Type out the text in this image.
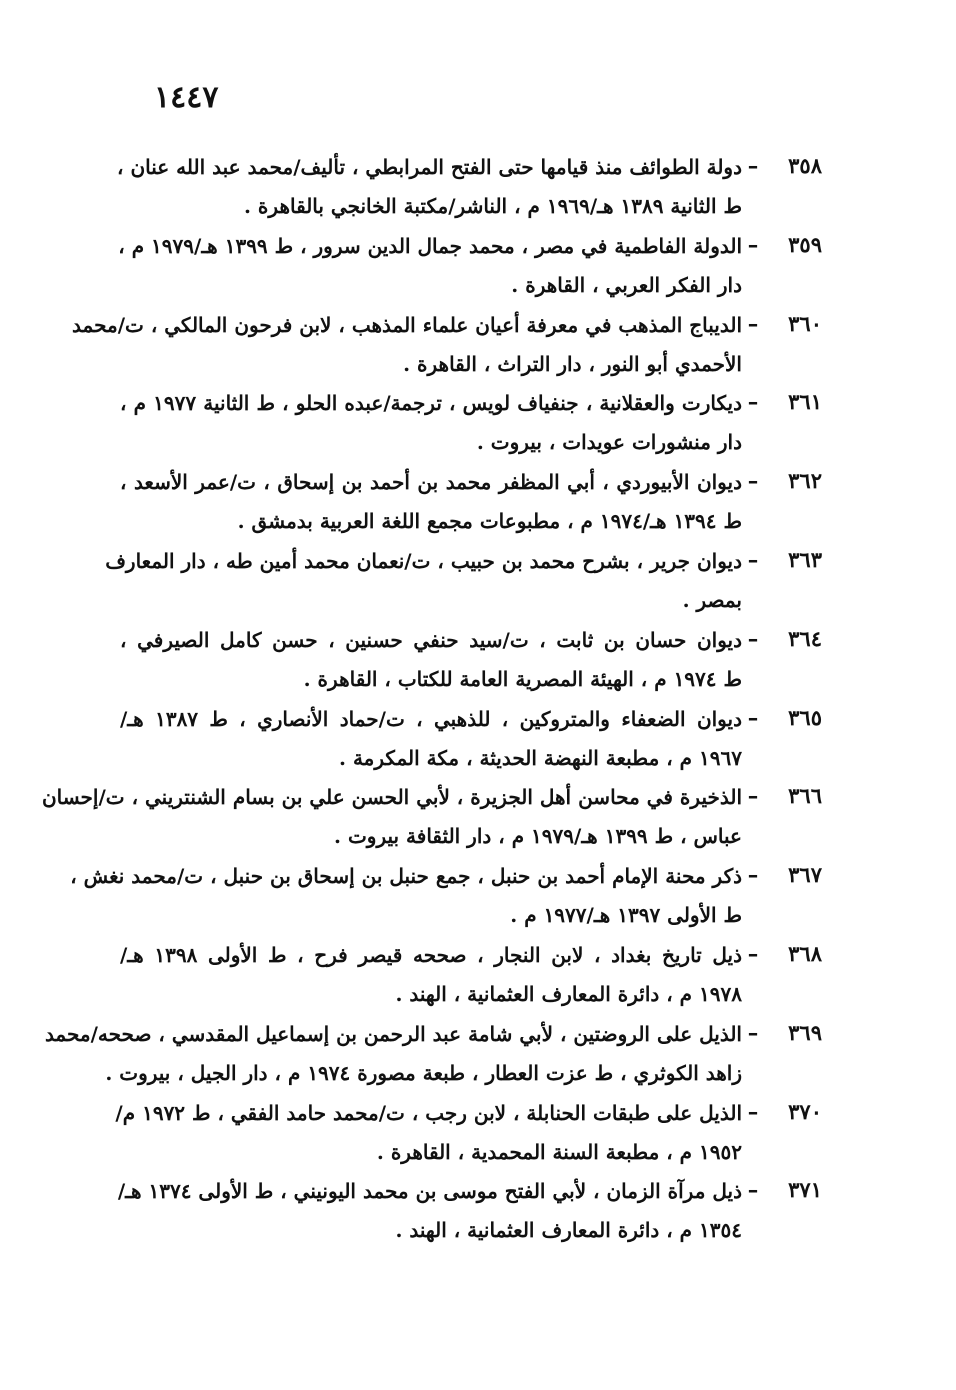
١٤٤٧
٣٥٨
–
دولة الطوائف منذ قيامها حتى الفتح المرابطي ، تأليف/محمد عبد الله عنان ،
ط الثانية ١٣٨٩ هـ/١٩٦٩ م ، الناشر/مكتبة الخانجي بالقاهرة .
٣٥٩
–
الدولة الفاطمية في مصر ، محمد جمال الدين سرور ، ط ١٣٩٩ هـ/١٩٧٩ م ،
دار الفكر العربي ، القاهرة .
٣٦٠
–
الديباج المذهب في معرفة أعيان علماء المذهب ، لابن فرحون المالكي ، ت/محمد
الأحمدي أبو النور ، دار التراث ، القاهرة .
٣٦١
–
ديكارت والعقلانية ، جنفياف لويس ، ترجمة/عبده الحلو ، ط الثانية ١٩٧٧ م ،
دار منشورات عويدات ، بيروت .
٣٦٢
–
ديوان الأبيوردي ، أبي المظفر محمد بن أحمد بن إسحاق ، ت/عمر الأسعد ،
ط ١٣٩٤ هـ/١٩٧٤ م ، مطبوعات مجمع اللغة العربية بدمشق .
٣٦٣
–
ديوان جرير ، بشرح محمد بن حبيب ، ت/نعمان محمد أمين طه ، دار المعارف
بمصر .
٣٦٤
–
ديوان حسان بن ثابت ، ت/سيد حنفي حسنين ، حسن كامل الصيرفي ،
ط ١٩٧٤ م ، الهيئة المصرية العامة للكتاب ، القاهرة .
٣٦٥
–
ديوان الضعفاء والمتروكين ، للذهبي ، ت/حماد الأنصاري ، ط ١٣٨٧ هـ/
١٩٦٧ م ، مطبعة النهضة الحديثة ، مكة المكرمة .
٣٦٦
–
الذخيرة في محاسن أهل الجزيرة ، لأبي الحسن علي بن بسام الشنتريني ، ت/إحسان
عباس ، ط ١٣٩٩ هـ/١٩٧٩ م ، دار الثقافة بيروت .
٣٦٧
–
ذكر محنة الإمام أحمد بن حنبل ، جمع حنبل بن إسحاق بن حنبل ، ت/محمد نغش ،
ط الأولى ١٣٩٧ هـ/١٩٧٧ م .
٣٦٨
–
ذيل تاريخ بغداد ، لابن النجار ، صححه قيصر فرح ، ط الأولى ١٣٩٨ هـ/
١٩٧٨ م ، دائرة المعارف العثمانية ، الهند .
٣٦٩
–
الذيل على الروضتين ، لأبي شامة عبد الرحمن بن إسماعيل المقدسي ، صححه/محمد
زاهد الكوثري ، ط عزت العطار ، طبعة مصورة ١٩٧٤ م ، دار الجيل ، بيروت .
٣٧٠
–
الذيل على طبقات الحنابلة ، لابن رجب ، ت/محمد حامد الفقي ، ط ١٩٧٢ م/
١٩٥٢ م ، مطبعة السنة المحمدية ، القاهرة .
٣٧١
–
ذيل مرآة الزمان ، لأبي الفتح موسى بن محمد اليونيني ، ط الأولى ١٣٧٤ هـ/
١٣٥٤ م ، دائرة المعارف العثمانية ، الهند .
